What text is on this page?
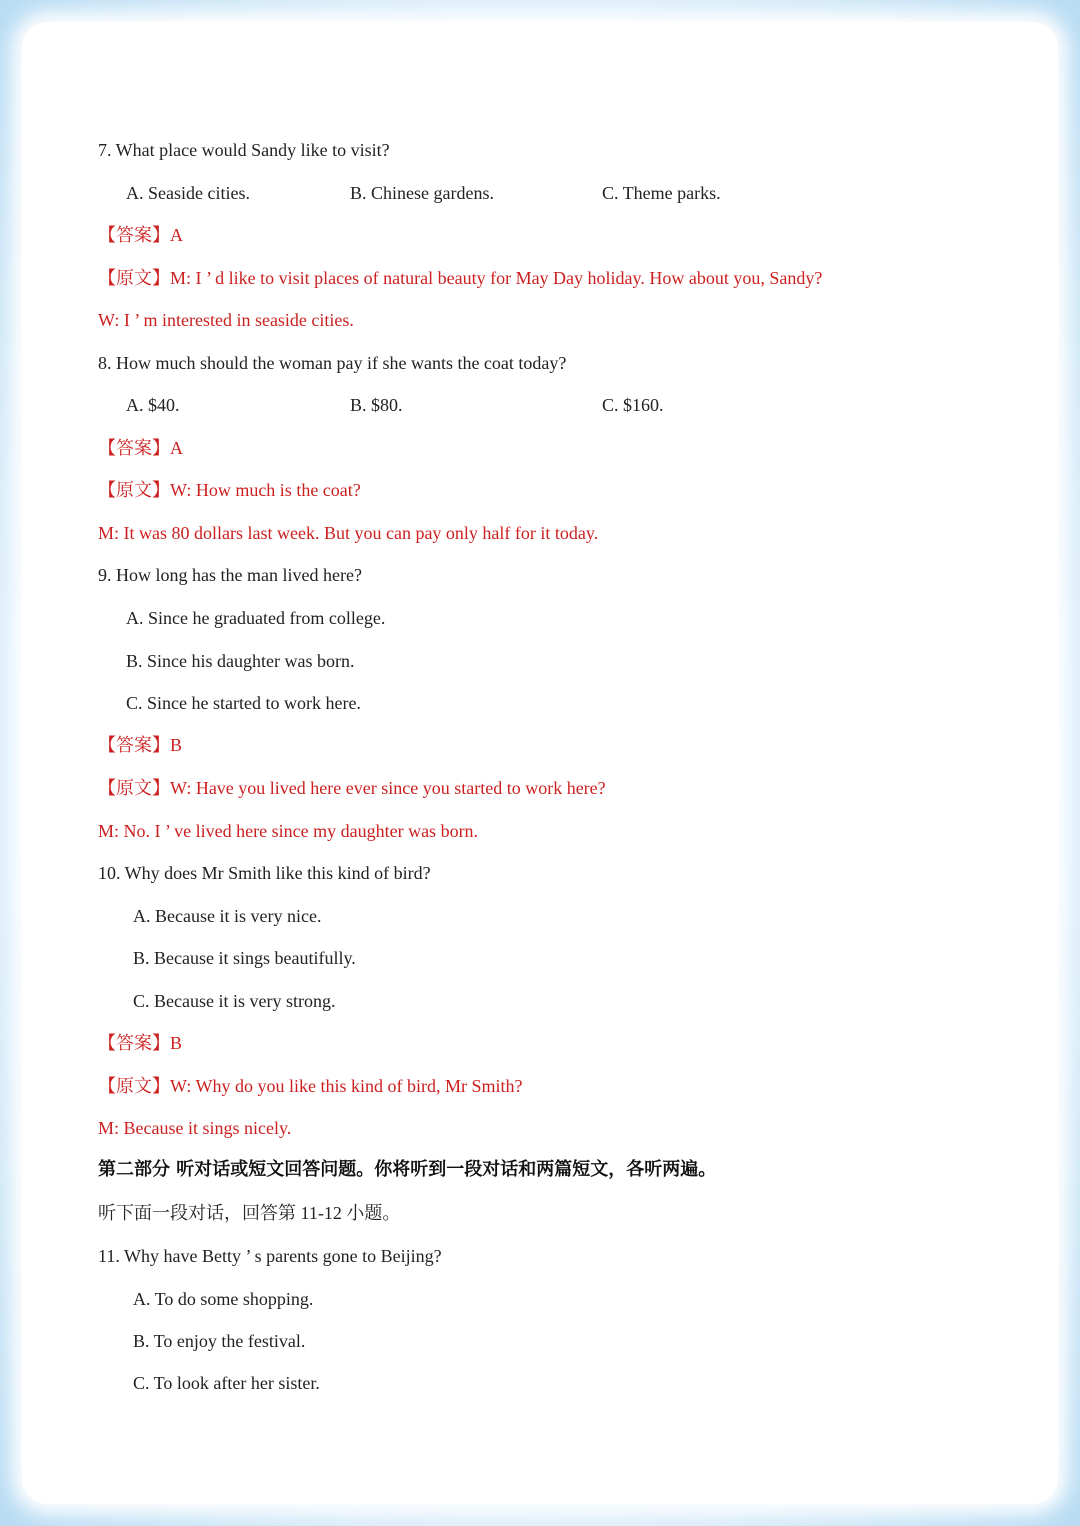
7. What place would Sandy like to visit?
A. Seaside cities.	B. Chinese gardens.	C. Theme parks.
【答案】A
【原文】M: I ’ d like to visit places of natural beauty for May Day holiday. How about you, Sandy?
W: I ’ m interested in seaside cities.
8. How much should the woman pay if she wants the coat today?
A. $40.	B. $80.	C. $160.
【答案】A
【原文】W: How much is the coat?
M: It was 80 dollars last week. But you can pay only half for it today.
9. How long has the man lived here?
A. Since he graduated from college.
B. Since his daughter was born.
C. Since he started to work here.
【答案】B
【原文】W: Have you lived here ever since you started to work here?
M: No. I ’ ve lived here since my daughter was born.
10. Why does Mr Smith like this kind of bird?
A. Because it is very nice.
B. Because it sings beautifully.
C. Because it is very strong.
【答案】B
【原文】W: Why do you like this kind of bird, Mr Smith?
M: Because it sings nicely.
第二部分 听对话或短文回答问题。你将听到一段对话和两篇短文，各听两遍。
听下面一段对话，回答第 11-12 小题。
11. Why have Betty ’ s parents gone to Beijing?
A. To do some shopping.
B. To enjoy the festival.
C. To look after her sister.
